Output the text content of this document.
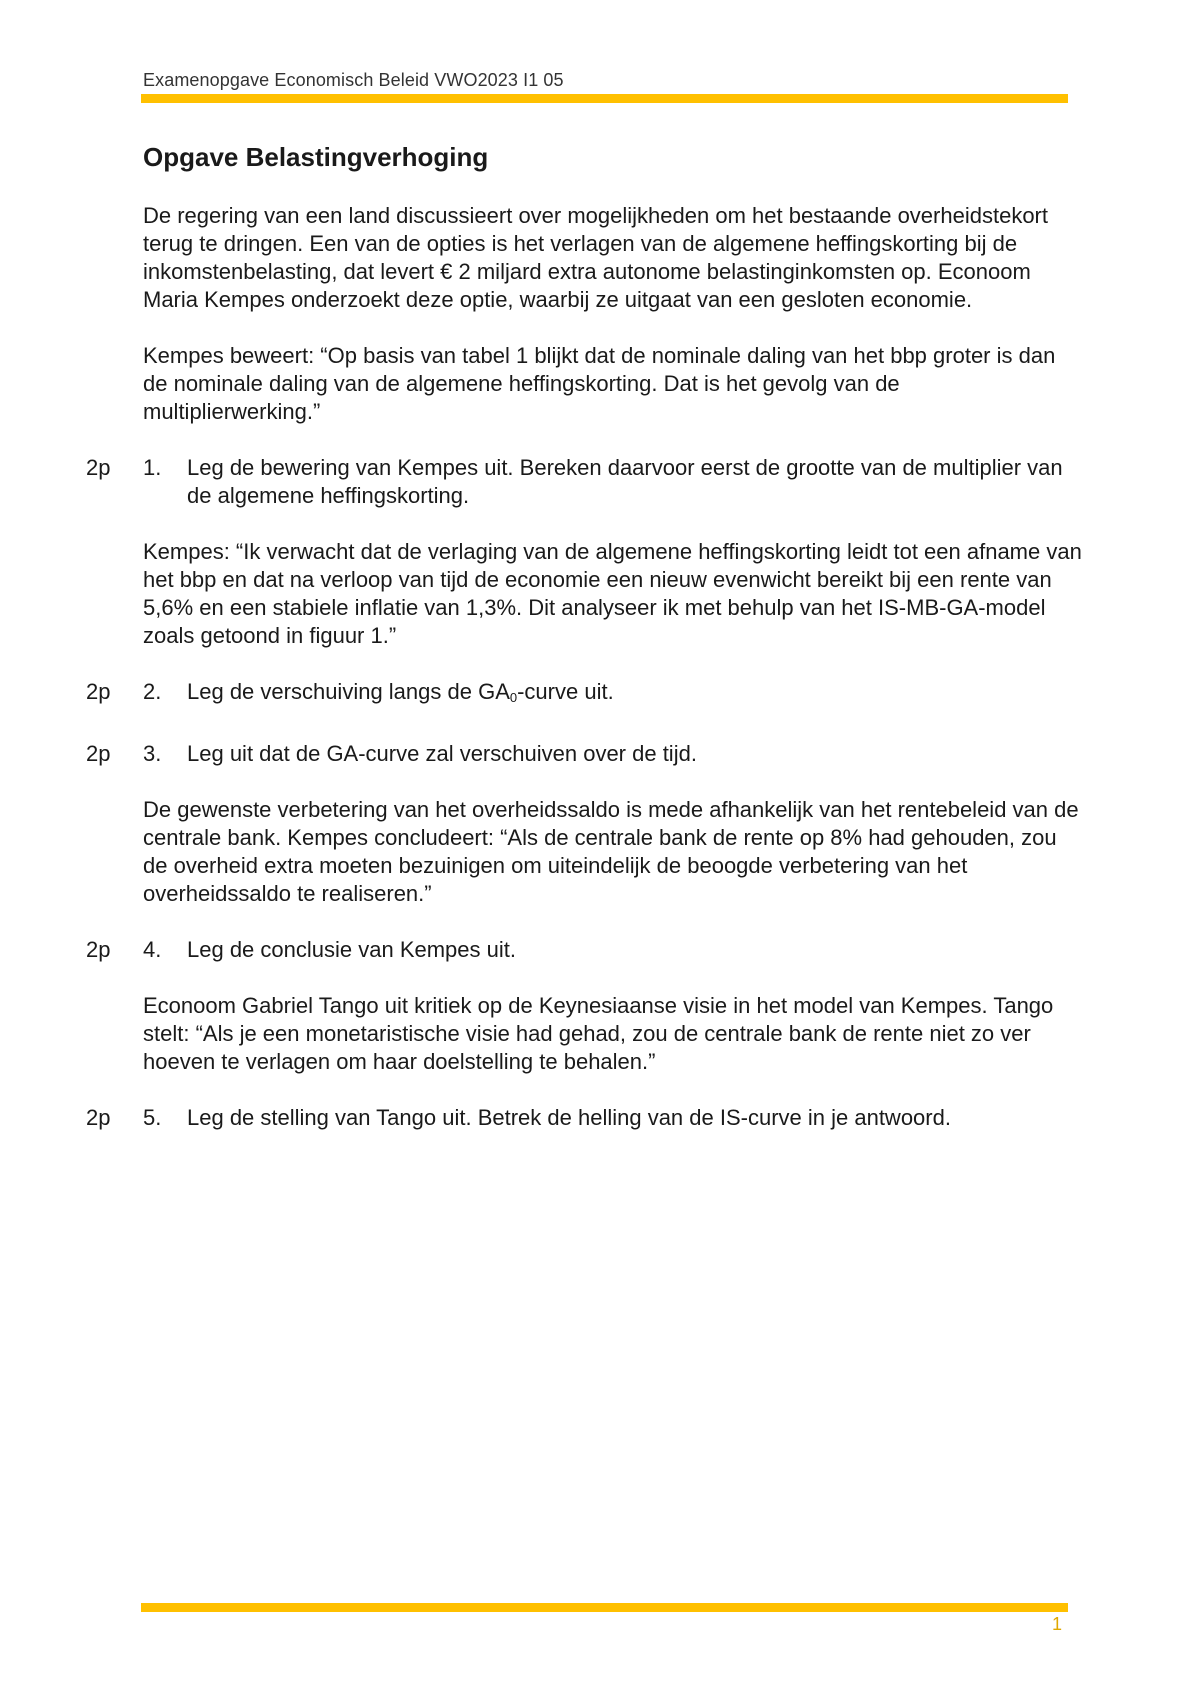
Examenopgave Economisch Beleid VWO2023 I1 05
Opgave Belastingverhoging

De regering van een land discussieert over mogelijkheden om het bestaande overheidstekort terug te dringen. Een van de opties is het verlagen van de algemene heffingskorting bij de inkomstenbelasting, dat levert € 2 miljard extra autonome belastinginkomsten op. Econoom Maria Kempes onderzoekt deze optie, waarbij ze uitgaat van een gesloten economie.

Kempes beweert: “Op basis van tabel 1 blijkt dat de nominale daling van het bbp groter is dan de nominale daling van de algemene heffingskorting. Dat is het gevolg van de multiplierwerking.”

2p 1. Leg de bewering van Kempes uit. Bereken daarvoor eerst de grootte van de multiplier van de algemene heffingskorting.

Kempes: “Ik verwacht dat de verlaging van de algemene heffingskorting leidt tot een afname van het bbp en dat na verloop van tijd de economie een nieuw evenwicht bereikt bij een rente van 5,6% en een stabiele inflatie van 1,3%. Dit analyseer ik met behulp van het IS-MB-GA-model zoals getoond in figuur 1.”

2p 2. Leg de verschuiving langs de $GA_0$-curve uit.
2p 3. Leg uit dat de GA-curve zal verschuiven over de tijd.

De gewenste verbetering van het overheidssaldo is mede afhankelijk van het rentebeleid van de centrale bank. Kempes concludeert: “Als de centrale bank de rente op 8% had gehouden, zou de overheid extra moeten bezuinigen om uiteindelijk de beoogde verbetering van het overheidssaldo te realiseren.”

2p 4. Leg de conclusie van Kempes uit.

Econoom Gabriel Tango uit kritiek op de Keynesiaanse visie in het model van Kempes. Tango stelt: “Als je een monetaristische visie had gehad, zou de centrale bank de rente niet zo ver hoeven te verlagen om haar doelstelling te behalen.”

2p 5. Leg de stelling van Tango uit. Betrek de helling van de IS-curve in je antwoord.
1
